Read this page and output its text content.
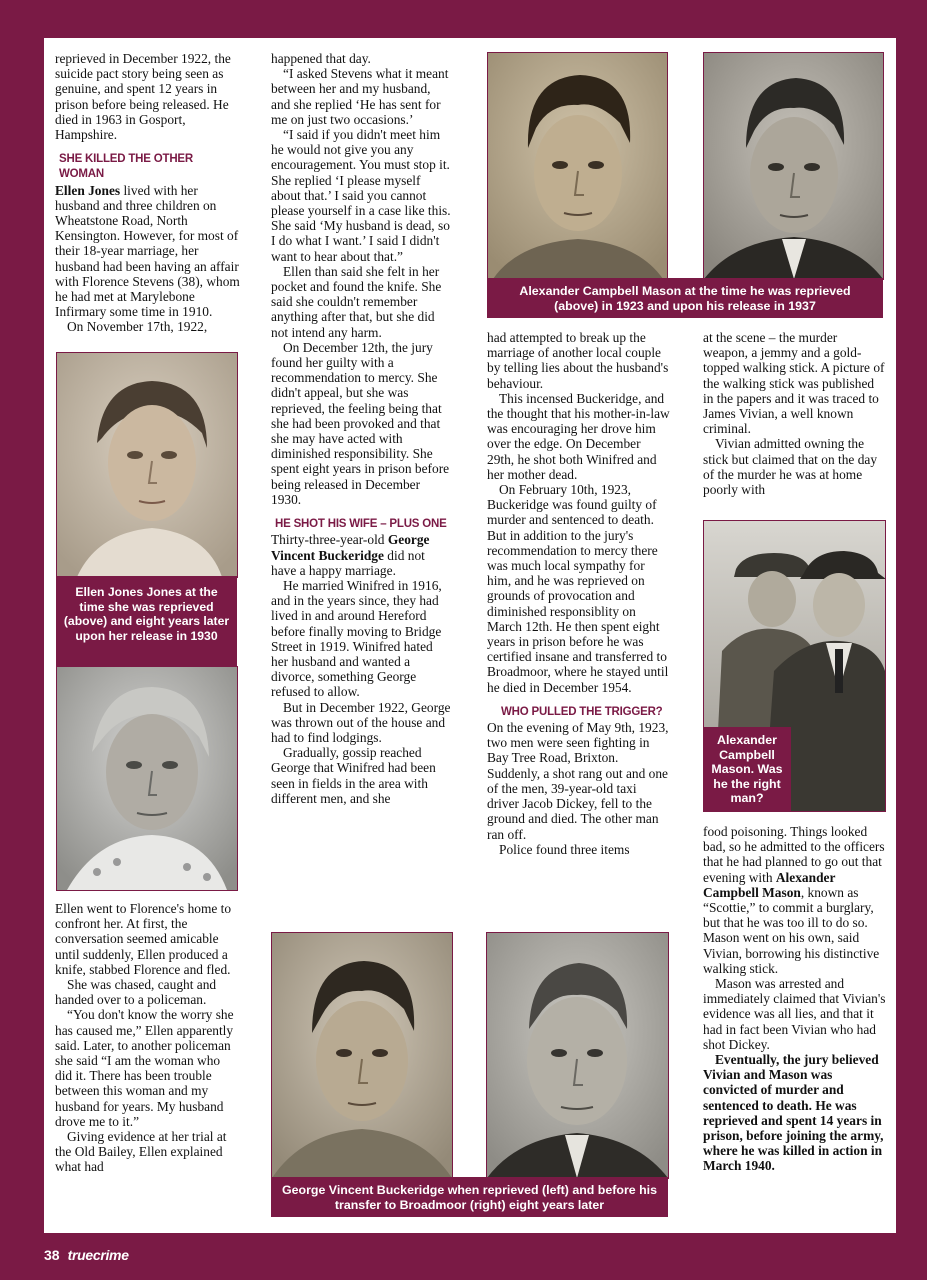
reprieved in December 1922, the suicide pact story being seen as genuine, and spent 12 years in prison before being released. He died in 1963 in Gosport, Hampshire.

SHE KILLED THE OTHER WOMAN

Ellen Jones lived with her husband and three children on Wheatstone Road, North Kensington. However, for most of their 18-year marriage, her husband had been having an affair with Florence Stevens (38), whom he had met at Marylebone Infirmary some time in 1910.

On November 17th, 1922,

Ellen Jones Jones at the time she was reprieved (above) and eight years later upon her release in 1930

Ellen went to Florence's home to confront her. At first, the conversation seemed amicable until suddenly, Ellen produced a knife, stabbed Florence and fled.

She was chased, caught and handed over to a policeman.

“You don't know the worry she has caused me,” Ellen apparently said. Later, to another policeman she said “I am the woman who did it. There has been trouble between this woman and my husband for years. My husband drove me to it.”

Giving evidence at her trial at the Old Bailey, Ellen explained what had

happened that day.

“I asked Stevens what it meant between her and my husband, and she replied ‘He has sent for me on just two occasions.’

“I said if you didn't meet him he would not give you any encouragement. You must stop it. She replied ‘I please myself about that.’ I said you cannot please yourself in a case like this. She said ‘My husband is dead, so I do what I want.’ I said I didn't want to hear about that.”

Ellen than said she felt in her pocket and found the knife. She said she couldn't remember anything after that, but she did not intend any harm.

On December 12th, the jury found her guilty with a recommendation to mercy. She didn't appeal, but she was reprieved, the feeling being that she had been provoked and that she may have acted with diminished responsibility. She spent eight years in prison before being released in December 1930.

HE SHOT HIS WIFE – PLUS ONE

Thirty-three-year-old George Vincent Buckeridge did not have a happy marriage.

He married Winifred in 1916, and in the years since, they had lived in and around Hereford before finally moving to Bridge Street in 1919. Winifred hated her husband and wanted a divorce, something George refused to allow.

But in December 1922, George was thrown out of the house and had to find lodgings.

Gradually, gossip reached George that Winifred had been seen in fields in the area with different men, and she

Alexander Campbell Mason at the time he was reprieved (above) in 1923 and upon his release in 1937

had attempted to break up the marriage of another local couple by telling lies about the husband's behaviour.

This incensed Buckeridge, and the thought that his mother-in-law was encouraging her drove him over the edge. On December 29th, he shot both Winifred and her mother dead.

On February 10th, 1923, Buckeridge was found guilty of murder and sentenced to death. But in addition to the jury's recommendation to mercy there was much local sympathy for him, and he was reprieved on grounds of provocation and diminished responsiblity on March 12th. He then spent eight years in prison before he was certified insane and transferred to Broadmoor, where he stayed until he died in December 1954.

WHO PULLED THE TRIGGER?

On the evening of May 9th, 1923, two men were seen fighting in Bay Tree Road, Brixton. Suddenly, a shot rang out and one of the men, 39-year-old taxi driver Jacob Dickey, fell to the ground and died. The other man ran off.

Police found three items

at the scene – the murder weapon, a jemmy and a gold-topped walking stick. A picture of the walking stick was published in the papers and it was traced to James Vivian, a well known criminal.

Vivian admitted owning the stick but claimed that on the day of the murder he was at home poorly with

Alexander Campbell Mason. Was he the right man?

food poisoning. Things looked bad, so he admitted to the officers that he had planned to go out that evening with Alexander Campbell Mason, known as “Scottie,” to commit a burglary, but that he was too ill to do so. Mason went on his own, said Vivian, borrowing his distinctive walking stick.

Mason was arrested and immediately claimed that Vivian's evidence was all lies, and that it had in fact been Vivian who had shot Dickey.

Eventually, the jury believed Vivian and Mason was convicted of murder and sentenced to death. He was reprieved and spent 14 years in prison, before joining the army, where he was killed in action in March 1940.

George Vincent Buckeridge when reprieved (left) and before his transfer to Broadmoor (right) eight years later
38 truecrime
